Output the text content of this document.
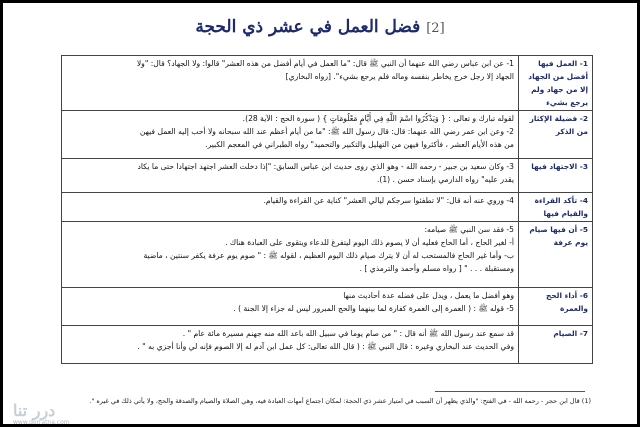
[2] فضل العمل في عشر ذي الحجة
1- العمل فيها أفضل من الجهاد إلا من جهاد ولم يرجع بشيء	1- عن ابن عباس رضي الله عنهما أن النبي ﷺ قال: "ما العمل في أيام أفضل من هذه العشر" قالوا: ولا الجهاد؟ قال: "ولا
الجهاد إلا رجل خرج يخاطر بنفسه وماله فلم يرجع بشيء". [رواه البخاري]

2- فضيلة الإكثار من الذكر	لقوله تبارك و تعالى : { وَيَذْكُرُوا اسْمَ اللَّهِ فِي أَيَّامٍ مَعْلُومَاتٍ } ( سورة الحج : الآية 28).
2- وعن ابن عمر رضي الله عنهما: قال: قال رسول الله ﷺ: "ما من أيام أعظم عند الله سبحانه ولا أحب إليه العمل فيهن
من هذه الأيام العشر ، فأكثروا فيهن من التهليل والتكبير والتحميد" رواه الطبراني في المعجم الكبير.

3- الاجتهاد فيها	3- وكان سعيد بن جبير - رحمه الله - وهو الذي روى حديث ابن عباس السابق: "إذا دخلت العشر اجتهد اجتهادا حتى ما يكاد
يقدر عليه" رواه الدارمي بإسناد حسن . (1).

4- تأكد القراءة والقيام فيها	4- وروي عنه أنه قال: "لا تطفئوا سرجكم ليالي العشر" كناية عن القراءة والقيام.

5- أن فيها صيام يوم عرفة	5- فقد سن النبي ﷺ صيامه:
أ- لغير الحاج ، أما الحاج فعليه أن لا يصوم ذلك اليوم ليتفرغ للدعاء ويتقوى على العبادة هناك .
ب- وأما غير الحاج فالمستحب له أن لا يترك صيام ذلك اليوم العظيم ، لقوله ﷺ : " صوم يوم عرفة يكفر سنتين ، ماضية
ومستقبلة . . . " [ رواه مسلم وأحمد والترمذي ] .

6- أداء الحج والعمرة	وهو أفضل ما يعمل ، ويدل على فضله عدة أحاديث منها
5- قوله ﷺ : ( العمرة إلى العمرة كفارة لما بينهما والحج المبرور ليس له جزاء إلا الجنة ) .

7- الصيام	قد سمع عند رسول الله ﷺ أنه قال : " من صام يوما في سبيل الله باعد الله منه جهنم مسيرة مائة عام " .
وفي الحديث عند البخاري وغيره : قال النبي ﷺ : ( قال الله تعالى: كل عمل ابن آدم له إلا الصوم فإنه لي وأنا أجزي به " .
(1) قال ابن حجر - رحمه الله - في الفتح: "والذي يظهر أن السبب في امتياز عشر ذي الحجة: لمكان اجتماع أمهات العبادة فيه، وهي الصلاة والصيام والصدقة والحج، ولا يأتي ذلك في غيره ".
درر تنا
www.dorratna.com
